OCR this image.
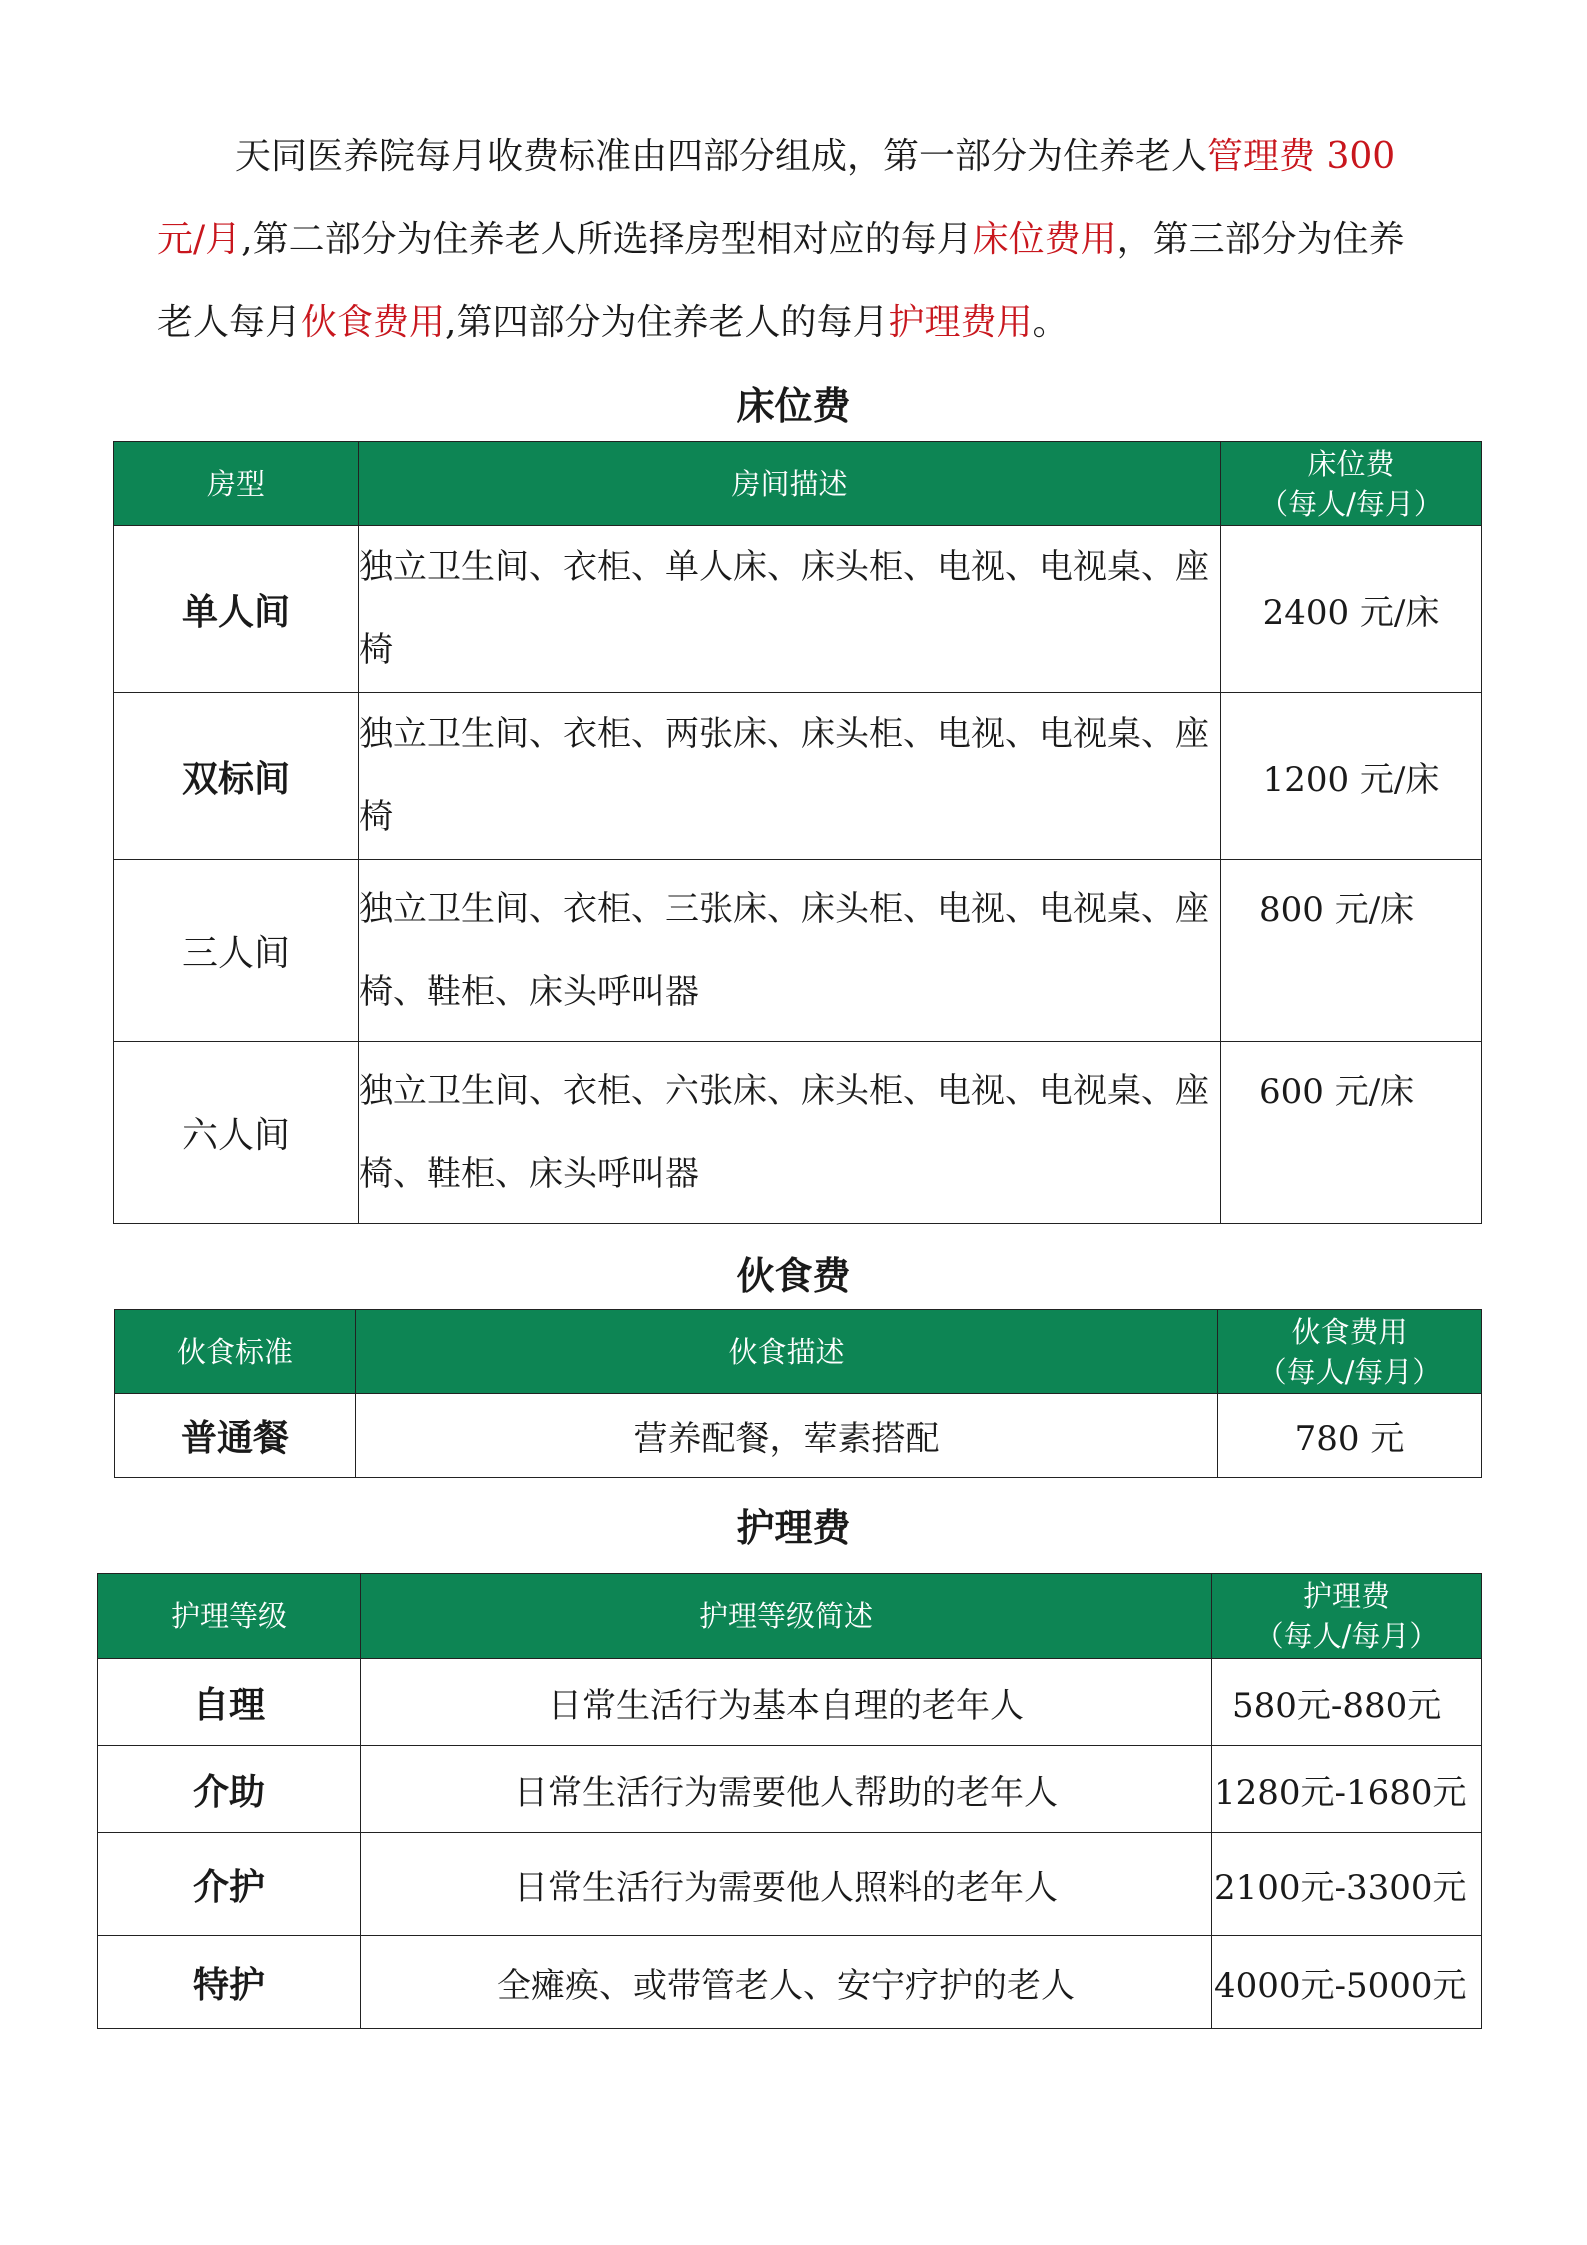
天同医养院每月收费标准由四部分组成，第一部分为住养老人管理费 300 元/月,第二部分为住养老人所选择房型相对应的每月床位费用，第三部分为住养老人每月伙食费用,第四部分为住养老人的每月护理费用。

床位费
房型	房间描述	床位费
（每人/每月）

单人间	独立卫生间、衣柜、单人床、床头柜、电视、电视桌、座椅	2400 元/床
双标间	独立卫生间、衣柜、两张床、床头柜、电视、电视桌、座椅	1200 元/床
三人间	独立卫生间、衣柜、三张床、床头柜、电视、电视桌、座椅、鞋柜、床头呼叫器	800 元/床
六人间	独立卫生间、衣柜、六张床、床头柜、电视、电视桌、座椅、鞋柜、床头呼叫器	600 元/床
伙食费
伙食标准	伙食描述	伙食费用
（每人/每月）

普通餐	营养配餐，荤素搭配	780 元
护理费
护理等级	护理等级简述	护理费
（每人/每月）

自理	日常生活行为基本自理的老年人	580元-880元
介助	日常生活行为需要他人帮助的老年人	1280元-1680元
介护	日常生活行为需要他人照料的老年人	2100元-3300元
特护	全瘫痪、或带管老人、安宁疗护的老人	4000元-5000元
